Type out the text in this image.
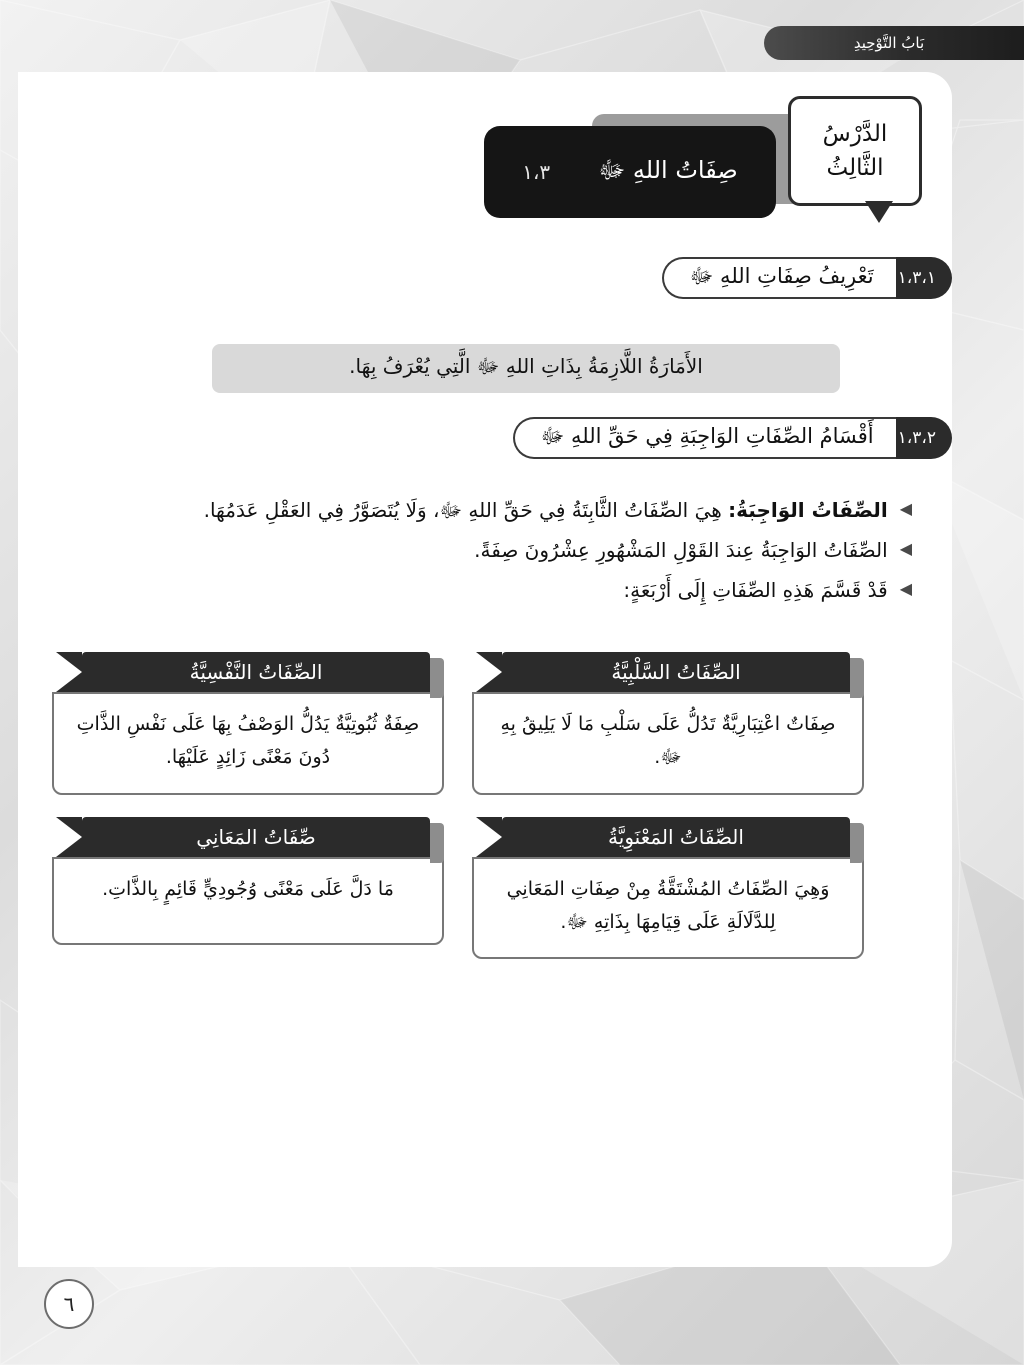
بَابُ التَّوْحِيدِ
صِفَاتُ اللهِ ﷻ
١،٣
الدَّرْسُ
الثَّالِثُ
١،٣،١
تَعْرِيفُ صِفَاتِ اللهِ ﷻ
الأَمَارَةُ اللَّازِمَةُ بِذَاتِ اللهِ ﷻ الَّتِي يُعْرَفُ بِهَا.
١،٣،٢
أَقْسَامُ الصِّفَاتِ الوَاجِبَةِ فِي حَقِّ اللهِ ﷻ
◀
الصِّفَاتُ الوَاجِبَةُ: هِيَ الصِّفَاتُ الثَّابِتَةُ فِي حَقِّ اللهِ ﷻ، وَلَا يُتَصَوَّرُ فِي العَقْلِ عَدَمُهَا.
◀
الصِّفَاتُ الوَاجِبَةُ عِندَ القَوْلِ المَشْهُورِ عِشْرُونَ صِفَةً.
◀
قَدْ قَسَّمَ هَذِهِ الصِّفَاتِ إِلَى أَرْبَعَةٍ:
الصِّفَاتُ السَّلْبِيَّةُ
صِفَاتٌ اعْتِبَارِيَّةٌ تَدُلُّ عَلَى سَلْبِ مَا لَا يَلِيقُ بِهِ ﷻ.
الصِّفَاتُ النَّفْسِيَّةُ
صِفَةٌ ثُبُوتِيَّةٌ يَدُلُّ الوَصْفُ بِهَا عَلَى نَفْسِ الذَّاتِ دُونَ مَعْنًى زَائِدٍ عَلَيْهَا.
الصِّفَاتُ المَعْنَوِيَّةُ
وَهِيَ الصِّفَاتُ المُشْتَقَّةُ مِنْ صِفَاتِ المَعَانِي لِلدَّلَالَةِ عَلَى قِيَامِهَا بِذَاتِهِ ﷻ.
صِّفَاتُ المَعَانِي
مَا دَلَّ عَلَى مَعْنًى وُجُودِيٍّ قَائِمٍ بِالذَّاتِ.
٦
